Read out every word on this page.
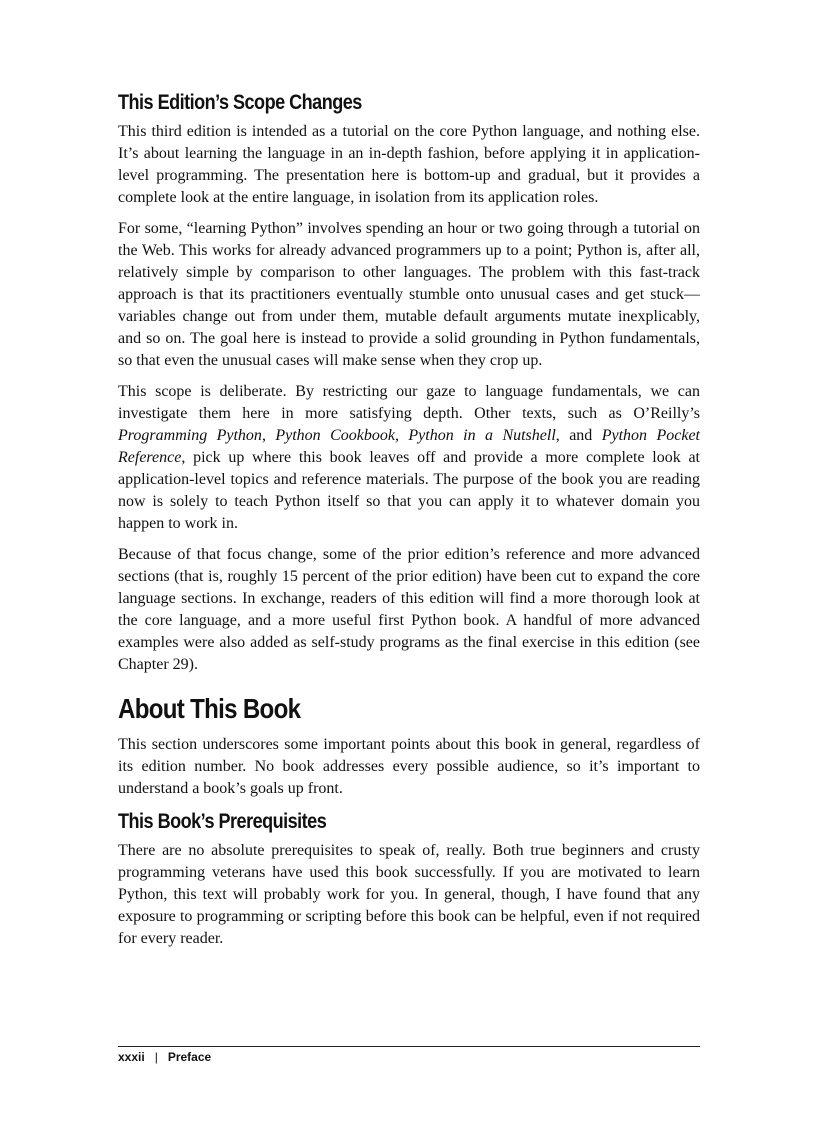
This Edition’s Scope Changes

This third edition is intended as a tutorial on the core Python language, and nothing else. It’s about learning the language in an in-depth fashion, before applying it in application-level programming. The presentation here is bottom-up and gradual, but it provides a complete look at the entire language, in isolation from its application roles.

For some, “learning Python” involves spending an hour or two going through a tutorial on the Web. This works for already advanced programmers up to a point; Python is, after all, relatively simple by comparison to other languages. The problem with this fast-track approach is that its practitioners eventually stumble onto unusual cases and get stuck—variables change out from under them, mutable default arguments mutate inexplicably, and so on. The goal here is instead to provide a solid grounding in Python fundamentals, so that even the unusual cases will make sense when they crop up.

This scope is deliberate. By restricting our gaze to language fundamentals, we can investigate them here in more satisfying depth. Other texts, such as O’Reilly’s Programming Python, Python Cookbook, Python in a Nutshell, and Python Pocket Reference, pick up where this book leaves off and provide a more complete look at application-level topics and reference materials. The purpose of the book you are reading now is solely to teach Python itself so that you can apply it to whatever domain you happen to work in.

Because of that focus change, some of the prior edition’s reference and more advanced sections (that is, roughly 15 percent of the prior edition) have been cut to expand the core language sections. In exchange, readers of this edition will find a more thorough look at the core language, and a more useful first Python book. A handful of more advanced examples were also added as self-study programs as the final exercise in this edition (see Chapter 29).

About This Book

This section underscores some important points about this book in general, regardless of its edition number. No book addresses every possible audience, so it’s important to understand a book’s goals up front.

This Book’s Prerequisites

There are no absolute prerequisites to speak of, really. Both true beginners and crusty programming veterans have used this book successfully. If you are motivated to learn Python, this text will probably work for you. In general, though, I have found that any exposure to programming or scripting before this book can be helpful, even if not required for every reader.

xxxii | Preface
